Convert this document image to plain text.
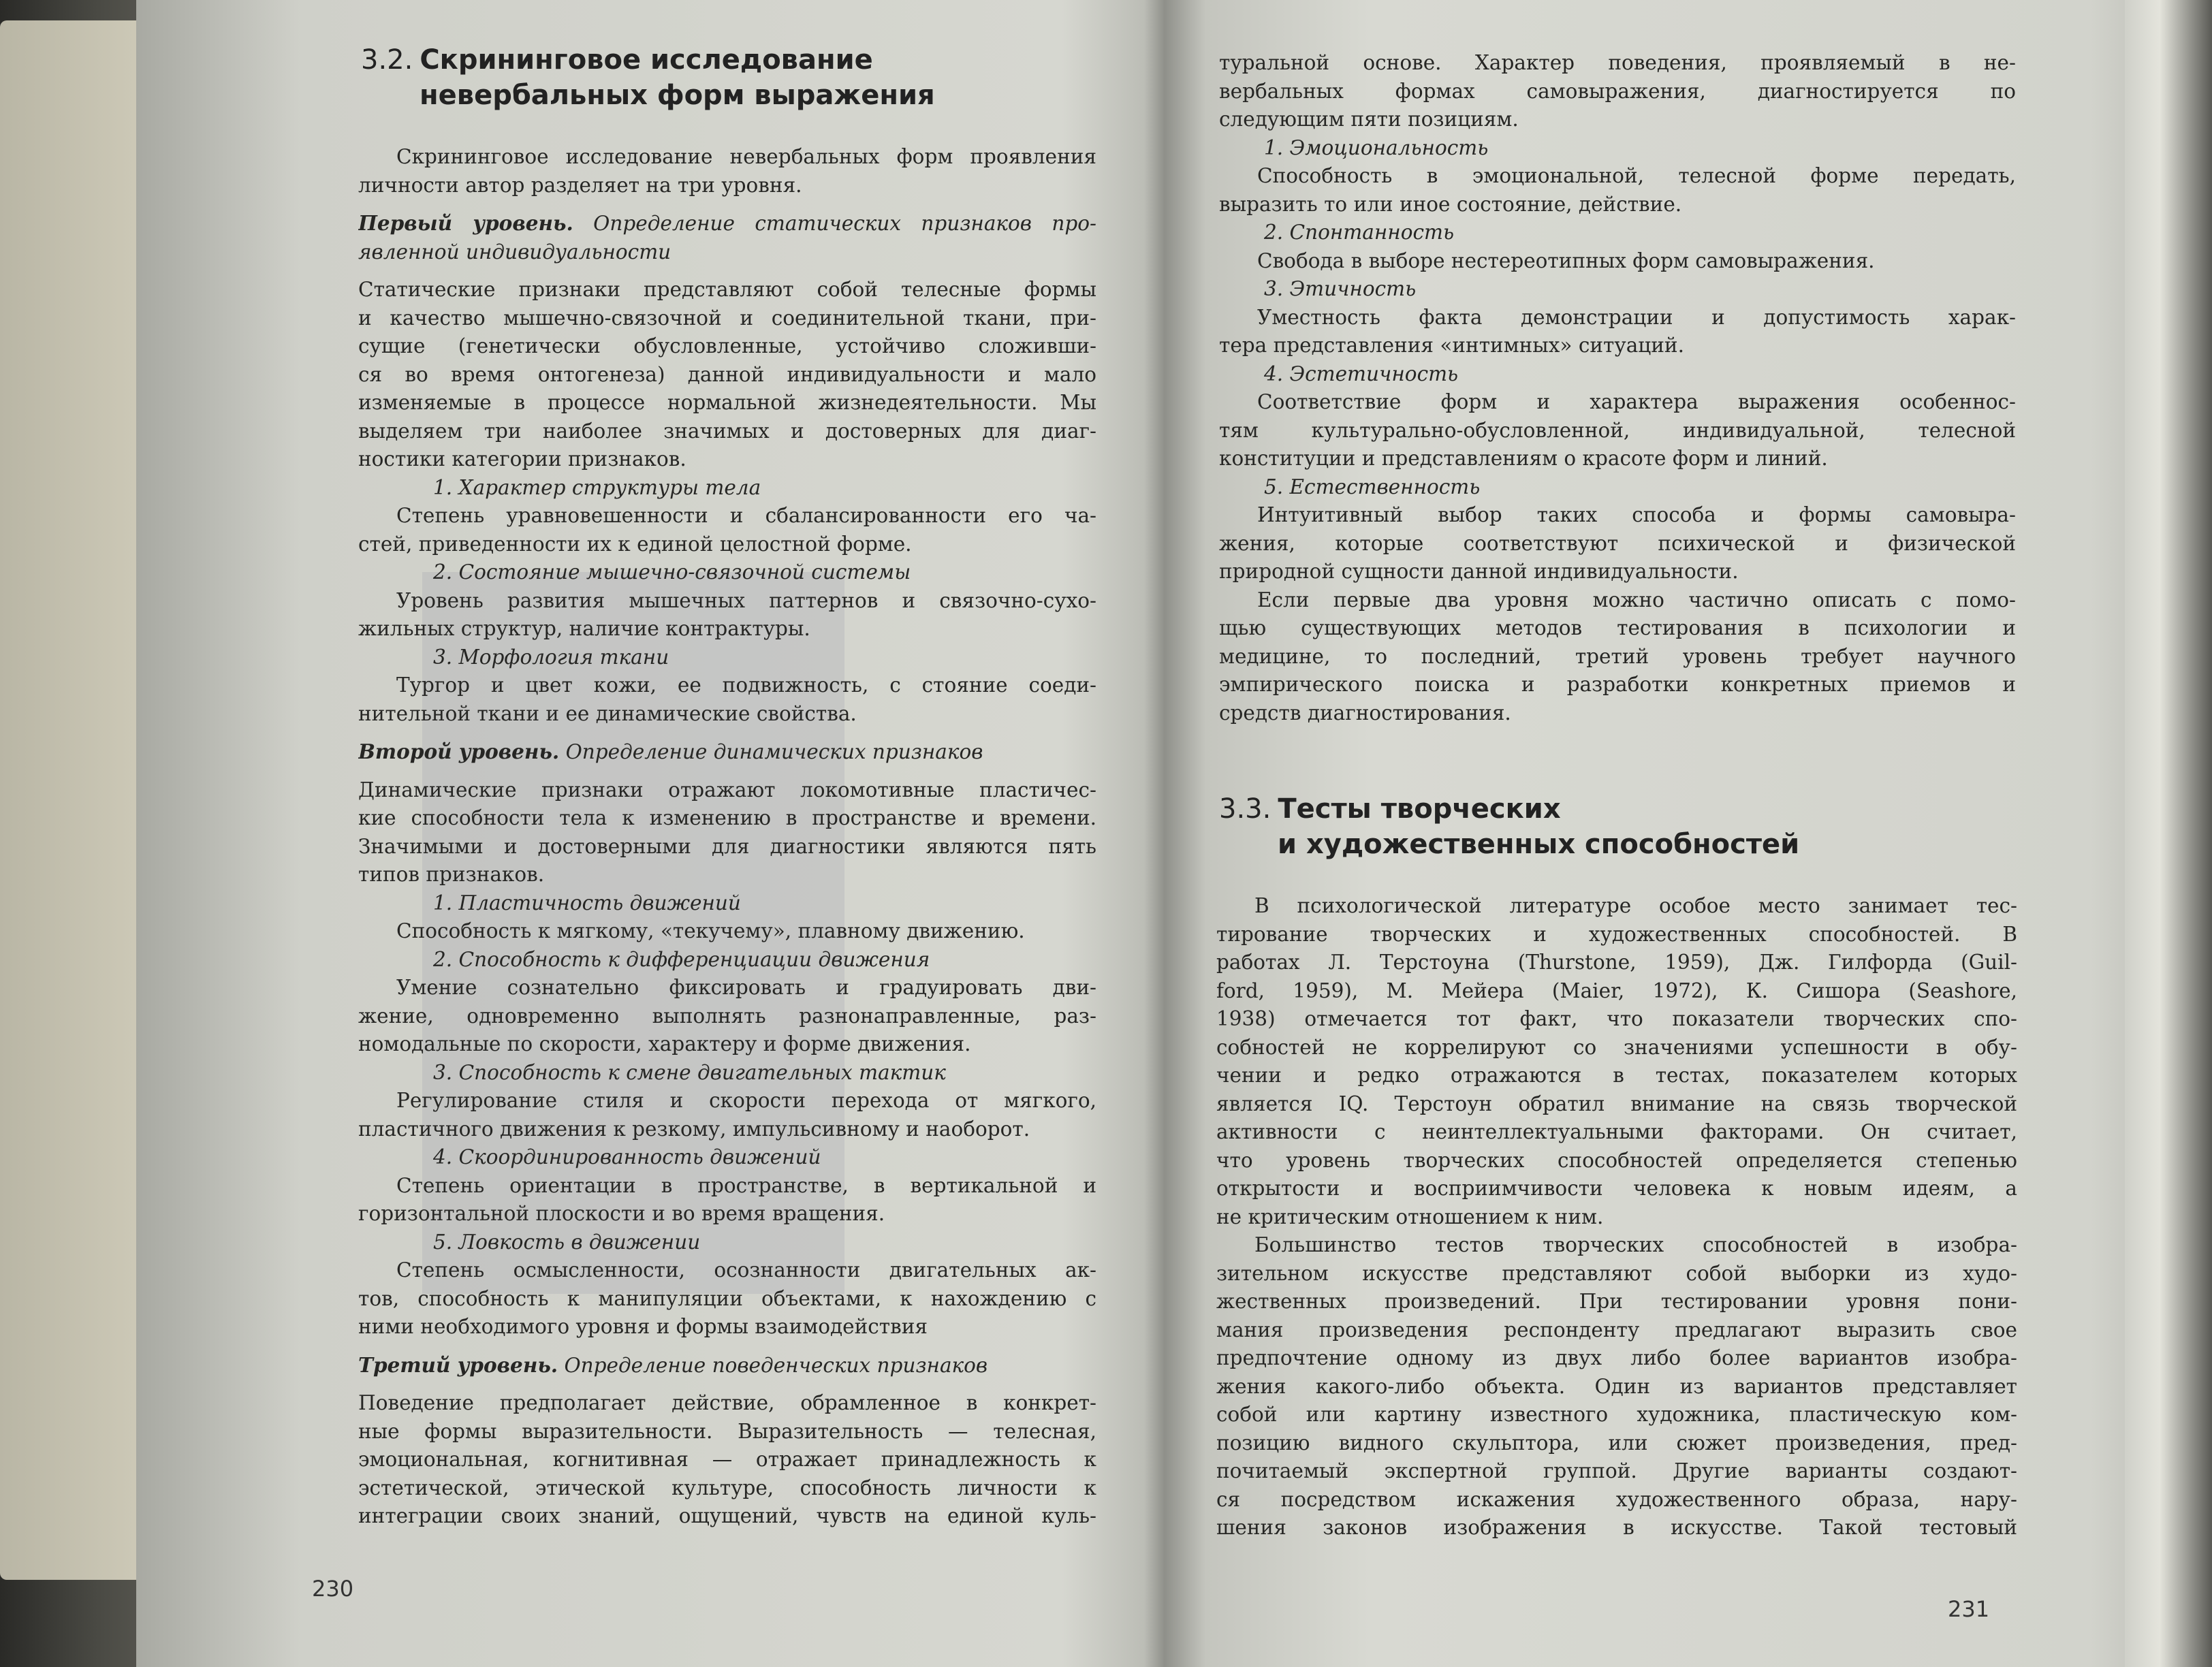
3.2. Скрининговое исследование
невербальных форм выражения
Скрининговое исследование невербальных форм проявления
личности автор разделяет на три уровня.
Первый уровень. Определение статических признаков про-
явленной индивидуальности
Статические признаки представляют собой телесные формы
и качество мышечно-связочной и соединительной ткани, при-
сущие (генетически обусловленные, устойчиво сложивши-
ся во время онтогенеза) данной индивидуальности и мало
изменяемые в процессе нормальной жизнедеятельности. Мы
выделяем три наиболее значимых и достоверных для диаг-
ностики категории признаков.
1. Характер структуры тела
Степень уравновешенности и сбалансированности его ча-
стей, приведенности их к единой целостной форме.
2. Состояние мышечно-связочной системы
Уровень развития мышечных паттернов и связочно-сухо-
жильных структур, наличие контрактуры.
3. Морфология ткани
Тургор и цвет кожи, ее подвижность, с стояние соеди-
нительной ткани и ее динамические свойства.
Второй уровень. Определение динамических признаков
Динамические признаки отражают локомотивные пластичес-
кие способности тела к изменению в пространстве и времени.
Значимыми и достоверными для диагностики являются пять
типов признаков.
1. Пластичность движений
Способность к мягкому, «текучему», плавному движению.
2. Способность к дифференциации движения
Умение сознательно фиксировать и градуировать дви-
жение, одновременно выполнять разнонаправленные, раз-
номодальные по скорости, характеру и форме движения.
3. Способность к смене двигательных тактик
Регулирование стиля и скорости перехода от мягкого,
пластичного движения к резкому, импульсивному и наоборот.
4. Скоординированность движений
Степень ориентации в пространстве, в вертикальной и
горизонтальной плоскости и во время вращения.
5. Ловкость в движении
Степень осмысленности, осознанности двигательных ак-
тов, способность к манипуляции объектами, к нахождению с
ними необходимого уровня и формы взаимодействия
Третий уровень. Определение поведенческих признаков
Поведение предполагает действие, обрамленное в конкрет-
ные формы выразительности. Выразительность — телесная,
эмоциональная, когнитивная — отражает принадлежность к
эстетической, этической культуре, способность личности к
интеграции своих знаний, ощущений, чувств на единой куль-
230
туральной основе. Характер поведения, проявляемый в не-
вербальных формах самовыражения, диагностируется по
следующим пяти позициям.
1. Эмоциональность
Способность в эмоциональной, телесной форме передать,
выразить то или иное состояние, действие.
2. Спонтанность
Свобода в выборе нестереотипных форм самовыражения.
3. Этичность
Уместность факта демонстрации и допустимость харак-
тера представления «интимных» ситуаций.
4. Эстетичность
Соответствие форм и характера выражения особеннос-
тям культурально-обусловленной, индивидуальной, телесной
конституции и представлениям о красоте форм и линий.
5. Естественность
Интуитивный выбор таких способа и формы самовыра-
жения, которые соответствуют психической и физической
природной сущности данной индивидуальности.
Если первые два уровня можно частично описать с помо-
щью существующих методов тестирования в психологии и
медицине, то последний, третий уровень требует научного
эмпирического поиска и разработки конкретных приемов и
средств диагностирования.
3.3. Тесты творческих
и художественных способностей
В психологической литературе особое место занимает тес-
тирование творческих и художественных способностей. В
работах Л. Терстоуна (Thurstone, 1959), Дж. Гилфорда (Guil-
ford, 1959), М. Мейера (Maier, 1972), К. Сишора (Seashore,
1938) отмечается тот факт, что показатели творческих спо-
собностей не коррелируют со значениями успешности в обу-
чении и редко отражаются в тестах, показателем которых
является IQ. Терстоун обратил внимание на связь творческой
активности с неинтеллектуальными факторами. Он считает,
что уровень творческих способностей определяется степенью
открытости и восприимчивости человека к новым идеям, а
не критическим отношением к ним.
Большинство тестов творческих способностей в изобра-
зительном искусстве представляют собой выборки из худо-
жественных произведений. При тестировании уровня пони-
мания произведения респонденту предлагают выразить свое
предпочтение одному из двух либо более вариантов изобра-
жения какого-либо объекта. Один из вариантов представляет
собой или картину известного художника, пластическую ком-
позицию видного скульптора, или сюжет произведения, пред-
почитаемый экспертной группой. Другие варианты создают-
ся посредством искажения художественного образа, нару-
шения законов изображения в искусстве. Такой тестовый
231
